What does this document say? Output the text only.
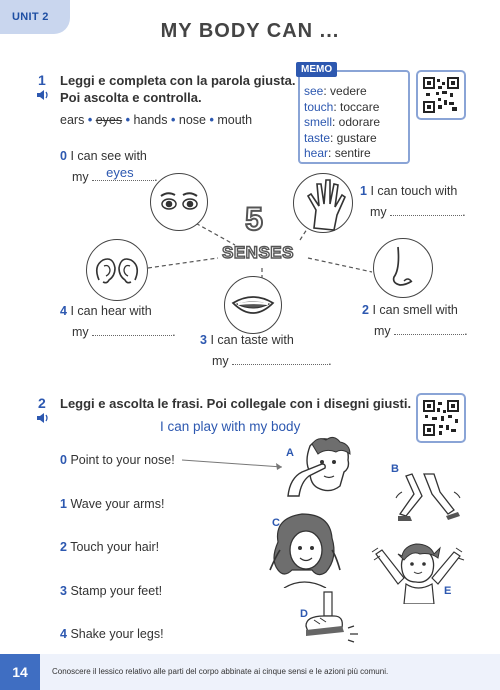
UNIT 2
MY BODY CAN ...
1 Leggi e completa con la parola giusta.
Poi ascolta e controlla.
ears • eyes • hands • nose • mouth
see: vedere
touch: toccare
smell: odorare
taste: gustare
hear: sentire
MEMO
5
SENSES
0 I can see with
my eyes .
1 I can touch with
my	.
4 I can hear with
my	.
2 I can smell with
my	.
3 I can taste with
my	.
2 Leggi e ascolta le frasi. Poi collegale con i disegni giusti.
I can play with my body
0 Point to your nose!
1 Wave your arms!
2 Touch your hair!
3 Stamp your feet!
4 Shake your legs!
A
B
C
D
E
14	Conoscere il lessico relativo alle parti del corpo abbinate ai cinque sensi e le azioni più comuni.
